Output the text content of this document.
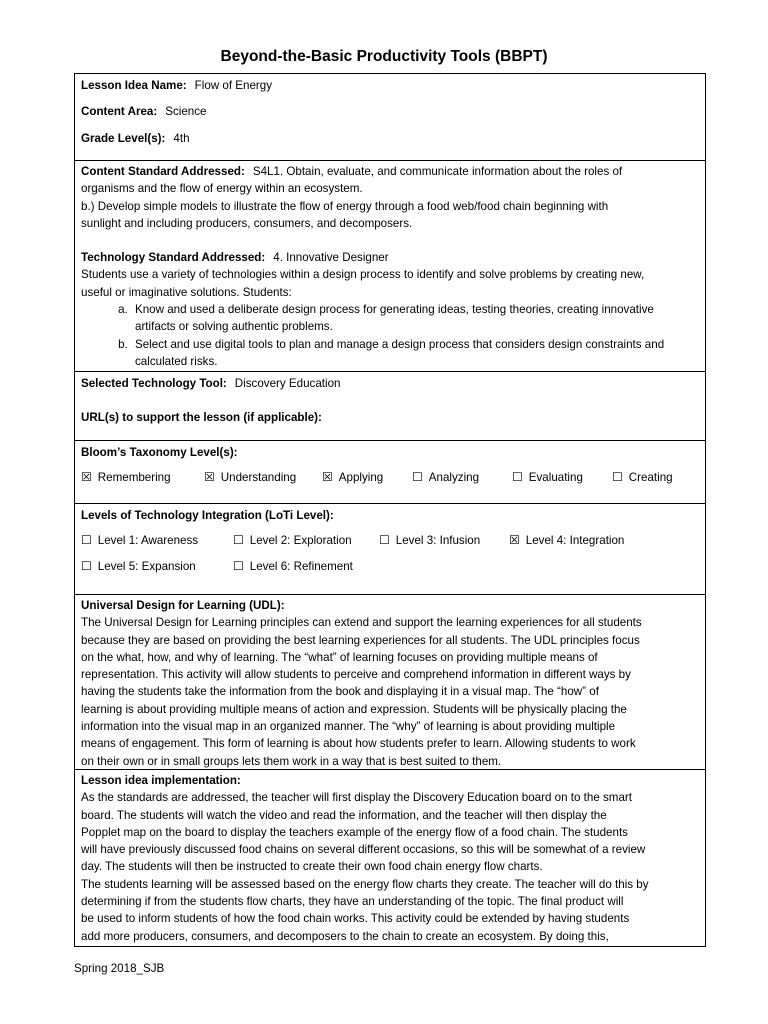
Beyond-the-Basic Productivity Tools (BBPT)

Lesson Idea Name: Flow of Energy

Content Area: Science

Grade Level(s): 4th

Content Standard Addressed: S4L1. Obtain, evaluate, and communicate information about the roles of

organisms and the flow of energy within an ecosystem.

b.) Develop simple models to illustrate the flow of energy through a food web/food chain beginning with

sunlight and including producers, consumers, and decomposers.

Technology Standard Addressed: 4. Innovative Designer

Students use a variety of technologies within a design process to identify and solve problems by creating new,

useful or imaginative solutions. Students:

a. Know and used a deliberate design process for generating ideas, testing theories, creating innovative
artifacts or solving authentic problems.
b. Select and use digital tools to plan and manage a design process that considers design constraints and
calculated risks.

Selected Technology Tool: Discovery Education

URL(s) to support the lesson (if applicable):

Bloom’s Taxonomy Level(s):

☒ Remembering	☒ Understanding ☒ Applying ☐ Analyzing	☐ Evaluating ☐ Creating

Levels of Technology Integration (LoTi Level):

☐ Level 1: Awareness	☐ Level 2: Exploration ☐ Level 3: Infusion ☒ Level 4: Integration
☐ Level 5: Expansion	☐ Level 6: Refinement

Universal Design for Learning (UDL):

The Universal Design for Learning principles can extend and support the learning experiences for all students

because they are based on providing the best learning experiences for all students. The UDL principles focus

on the what, how, and why of learning. The “what” of learning focuses on providing multiple means of

representation. This activity will allow students to perceive and comprehend information in different ways by

having the students take the information from the book and displaying it in a visual map. The “how” of

learning is about providing multiple means of action and expression. Students will be physically placing the

information into the visual map in an organized manner. The “why” of learning is about providing multiple

means of engagement. This form of learning is about how students prefer to learn. Allowing students to work

on their own or in small groups lets them work in a way that is best suited to them.

Lesson idea implementation:

As the standards are addressed, the teacher will first display the Discovery Education board on to the smart

board. The students will watch the video and read the information, and the teacher will then display the

Popplet map on the board to display the teachers example of the energy flow of a food chain. The students

will have previously discussed food chains on several different occasions, so this will be somewhat of a review

day. The students will then be instructed to create their own food chain energy flow charts.

The students learning will be assessed based on the energy flow charts they create. The teacher will do this by

determining if from the students flow charts, they have an understanding of the topic. The final product will

be used to inform students of how the food chain works. This activity could be extended by having students

add more producers, consumers, and decomposers to the chain to create an ecosystem. By doing this,

Spring 2018_SJB
